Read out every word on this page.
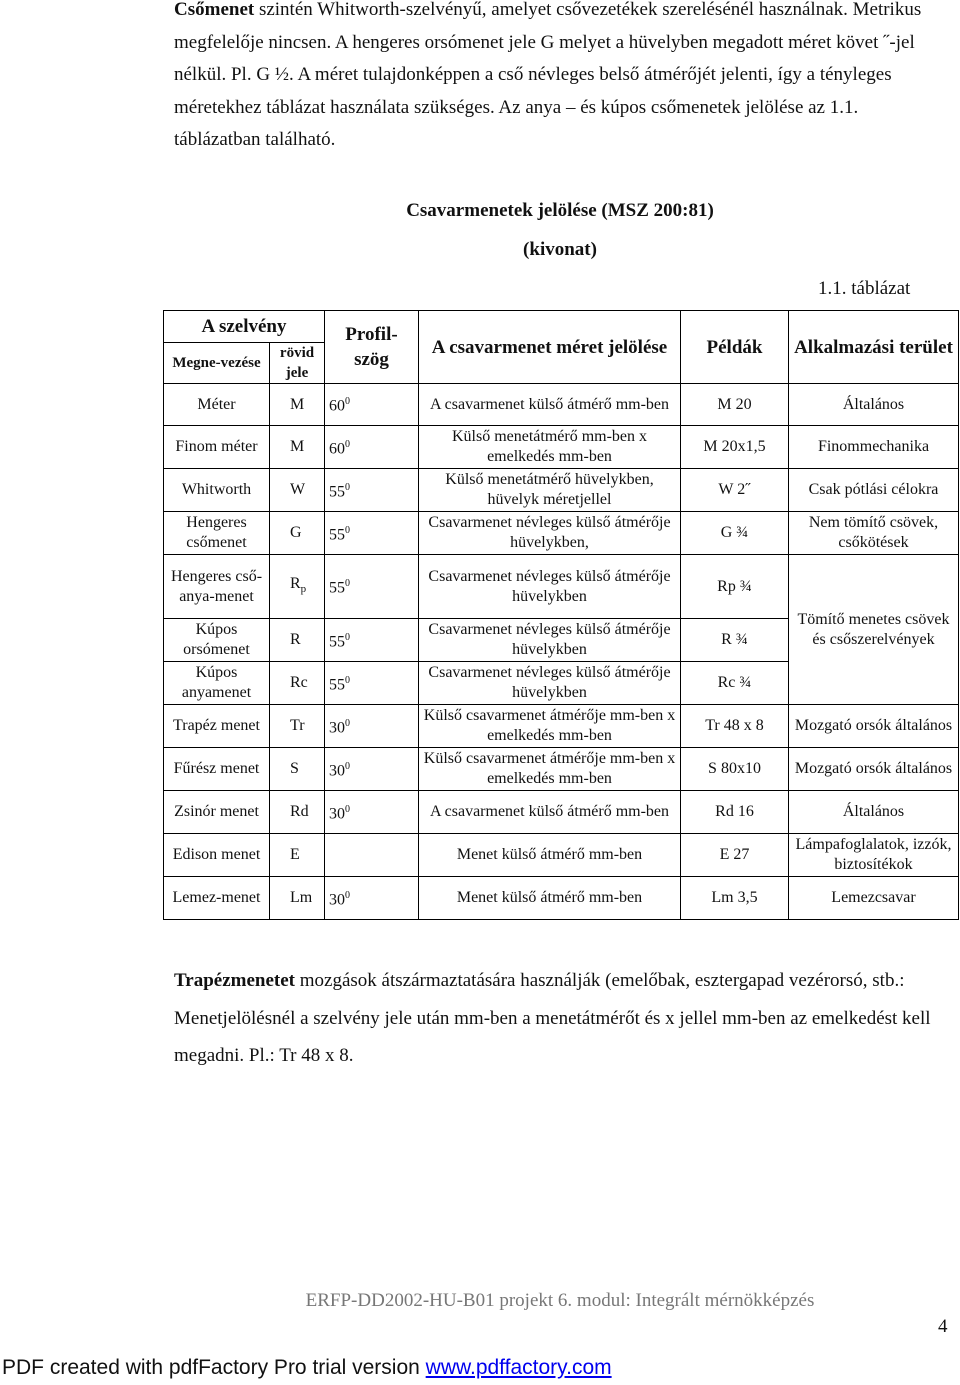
Csőmenet szintén Whitworth-szelvényű, amelyet csővezetékek szerelésénél használnak. Metrikus megfelelője nincsen. A hengeres orsómenet jele G melyet a hüvelyben megadott méret követ ˝-jel nélkül. Pl. G ½. A méret tulajdonképpen a cső névleges belső átmérőjét jelenti, így a tényleges méretekhez táblázat használata szükséges. Az anya – és kúpos csőmenetek jelölése az 1.1. táblázatban található.

Csavarmenetek jelölése (MSZ 200:81)
(kivonat)
1.1. táblázat
A szelvény		Profil-szög	A csavarmenet méret jelölése	Példák	Alkalmazási terület
Megne-vezése	rövid jele				
Méter	M	$60^0$	A csavarmenet külső átmérő mm-ben	M 20	Általános
Finom méter	M	$60^0$	Külső menetátmérő mm-ben x emelkedés mm-ben	M 20x1,5	Finommechanika
Whitworth	W	$55^0$	Külső menetátmérő hüvelykben, hüvelyk méretjellel	W 2˝	Csak pótlási célokra
Hengeres csőmenet	G	$55^0$	Csavarmenet névleges külső átmérője hüvelykben,	G ¾	Nem tömítő csövek, csőkötések
Hengeres cső-anya-menet	$R_p$	$55^0$	Csavarmenet névleges külső átmérője hüvelykben	Rp ¾	Tömítő menetes csövek és csőszerelvények
Kúpos orsómenet	R	$55^0$	Csavarmenet névleges külső átmérője hüvelykben	R ¾	
Kúpos anyamenet	Rc	$55^0$	Csavarmenet névleges külső átmérője hüvelykben	Rc ¾	
Trapéz menet	Tr	$30^0$	Külső csavarmenet átmérője mm-ben x emelkedés mm-ben	Tr 48 x 8	Mozgató orsók általános
Fűrész menet	S	$30^0$	Külső csavarmenet átmérője mm-ben x emelkedés mm-ben	S 80x10	Mozgató orsók általános
Zsinór menet	Rd	$30^0$	A csavarmenet külső átmérő mm-ben	Rd 16	Általános
Edison menet	E		Menet külső átmérő mm-ben	E 27	Lámpafoglalatok, izzók, biztosítékok
Lemez-menet	Lm	$30^0$	Menet külső átmérő mm-ben	Lm 3,5	Lemezcsavar

Trapézmenetet mozgások átszármaztatására használják (emelőbak, esztergapad vezérorsó, stb.: Menetjelölésnél a szelvény jele után mm-ben a menetátmérőt és x jellel mm-ben az emelkedést kell megadni. Pl.: Tr 48 x 8.

ERFP-DD2002-HU-B01 projekt 6. modul: Integrált mérnökképzés
4
PDF created with pdfFactory Pro trial version www.pdffactory.com
